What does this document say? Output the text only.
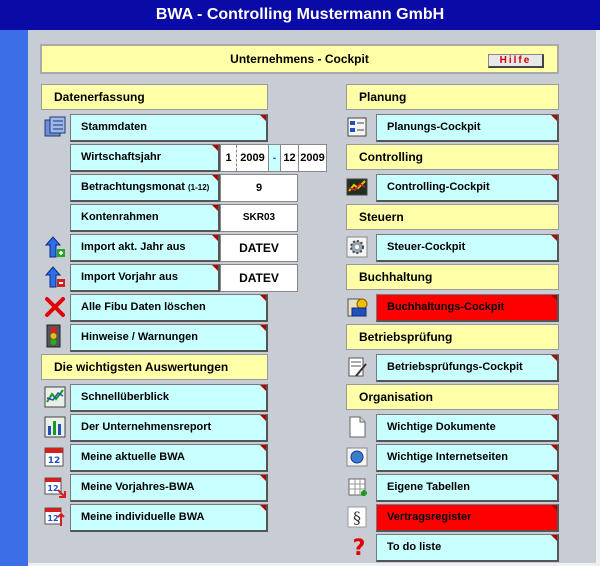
BWA - Controlling Mustermann GmbH
Unternehmens - Cockpit	Hilfe
Datenerfassung
Stammdaten
Wirtschaftsjahr	1 2009 - 12 2009
Betrachtungsmonat (1-12)	9
Kontenrahmen	SKR03
Import akt. Jahr aus	DATEV
Import Vorjahr aus	DATEV
Alle Fibu Daten löschen
Hinweise / Warnungen
Die wichtigsten Auswertungen
Schnellüberblick
Der Unternehmensreport
12	Meine aktuelle BWA
12	Meine Vorjahres-BWA
12	Meine individuelle BWA
Planung
Planungs-Cockpit
Controlling
Controlling-Cockpit
Steuern
Steuer-Cockpit
Buchhaltung
Buchhaltungs-Cockpit
Betriebsprüfung
Betriebsprüfungs-Cockpit
Organisation
Wichtige Dokumente
Wichtige Internetseiten
Eigene Tabellen
§	Vertragsregister
?	To do liste
